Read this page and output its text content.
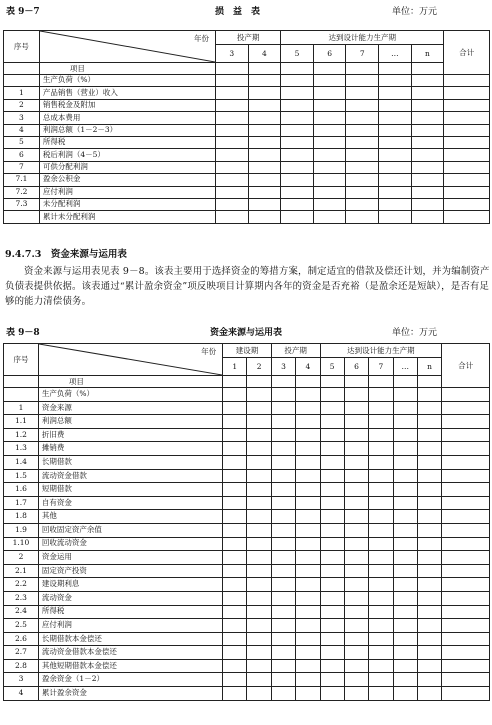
表 9－7	损　益　表	单位：万元
序号	年份	投产期		达到设计能力生产期					合计
		3	4	5	6	7	…	n	
	项目								
	生产负荷（%）								
1	产品销售（营业）收入								
2	销售税金及附加								
3	总成本费用								
4	利润总额（1－2－3）								
5	所得税								
6	税后利润（4－5）								
7	可供分配利润								
7.1	盈余公积金								
7.2	应付利润								
7.3	未分配利润								
	累计未分配利润								
9.4.7.3　资金来源与运用表

资金来源与运用表见表 9－8。该表主要用于选择资金的筹措方案，制定适宜的借款及偿还计划，并为编制资产负债表提供依据。该表通过“累计盈余资金”项反映项目计算期内各年的资金是否充裕（是盈余还是短缺），是否有足够的能力清偿债务。

表 9－8	资金来源与运用表	单位：万元
序号	年份	建设期		投产期		达到设计能力生产期					合计
		1	2	3	4	5	6	7	…	n	
	项目										
	生产负荷（%）										
1	资金来源										
1.1	利润总额										
1.2	折旧费										
1.3	摊销费										
1.4	长期借款										
1.5	流动资金借款										
1.6	短期借款										
1.7	自有资金										
1.8	其他										
1.9	回收固定资产余值										
1.10	回收流动资金										
2	资金运用										
2.1	固定资产投资										
2.2	建设期利息										
2.3	流动资金										
2.4	所得税										
2.5	应付利润										
2.6	长期借款本金偿还										
2.7	流动资金借款本金偿还										
2.8	其他短期借款本金偿还										
3	盈余资金（1－2）										
4	累计盈余资金										
